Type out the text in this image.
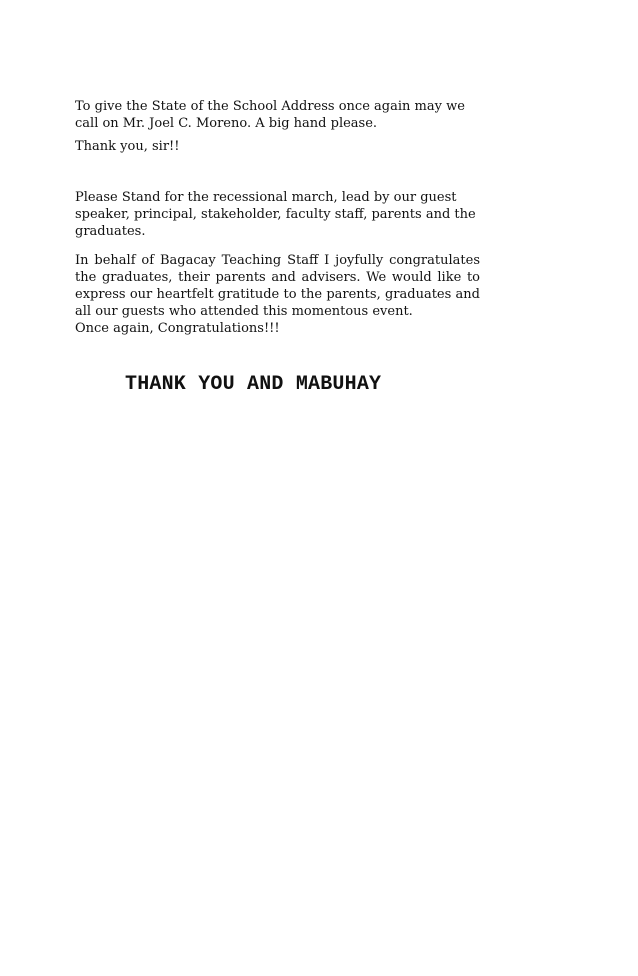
To give the State of the School Address once again may we call on Mr. Joel C. Moreno. A big hand please.

Thank you, sir!!

Please Stand for the recessional march, lead by our guest speaker, principal, stakeholder, faculty staff, parents and the graduates.

In behalf of Bagacay Teaching Staff I joyfully congratulates the graduates, their parents and advisers. We would like to express our heartfelt gratitude to the parents, graduates and all our guests who attended this momentous event.

Once again, Congratulations!!!

THANK YOU AND MABUHAY
